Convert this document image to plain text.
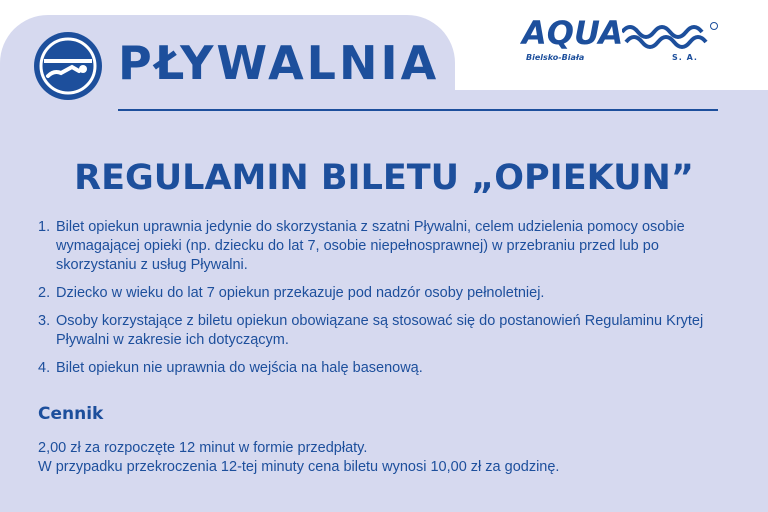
PŁYWALNIA
AQUA
Bielsko-Biała	S. A.
REGULAMIN BILETU „OPIEKUN”
1. Bilet opiekun uprawnia jedynie do skorzystania z szatni Pływalni, celem udzielenia pomocy osobie wymagającej opieki (np. dziecku do lat 7, osobie niepełnosprawnej) w przebraniu przed lub po skorzystaniu z usług Pływalni.
2. Dziecko w wieku do lat 7 opiekun przekazuje pod nadzór osoby pełnoletniej.
3. Osoby korzystające z biletu opiekun obowiązane są stosować się do postanowień Regulaminu Krytej Pływalni w zakresie ich dotyczącym.
4. Bilet opiekun nie uprawnia do wejścia na halę basenową.
Cennik
2,00 zł za rozpoczęte 12 minut w formie przedpłaty.
W przypadku przekroczenia 12-tej minuty cena biletu wynosi 10,00 zł za godzinę.
